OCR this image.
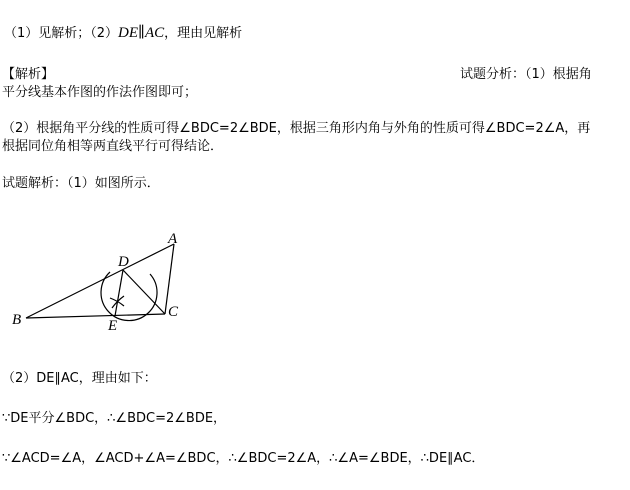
（1）见解析；（2）DE∥AC，理由见解析
【解析】	试题分析：（1）根据角
平分线基本作图的作法作图即可；
（2）根据角平分线的性质可得∠BDC=2∠BDE，根据三角形内角与外角的性质可得∠BDC=2∠A，再
根据同位角相等两直线平行可得结论．
试题解析：（1）如图所示．
A
B	C
D
E
（2）DE∥AC，理由如下：
∵DE平分∠BDC，∴∠BDC=2∠BDE，
∵∠ACD=∠A，∠ACD+∠A=∠BDC，∴∠BDC=2∠A，∴∠A=∠BDE，∴DE∥AC．
